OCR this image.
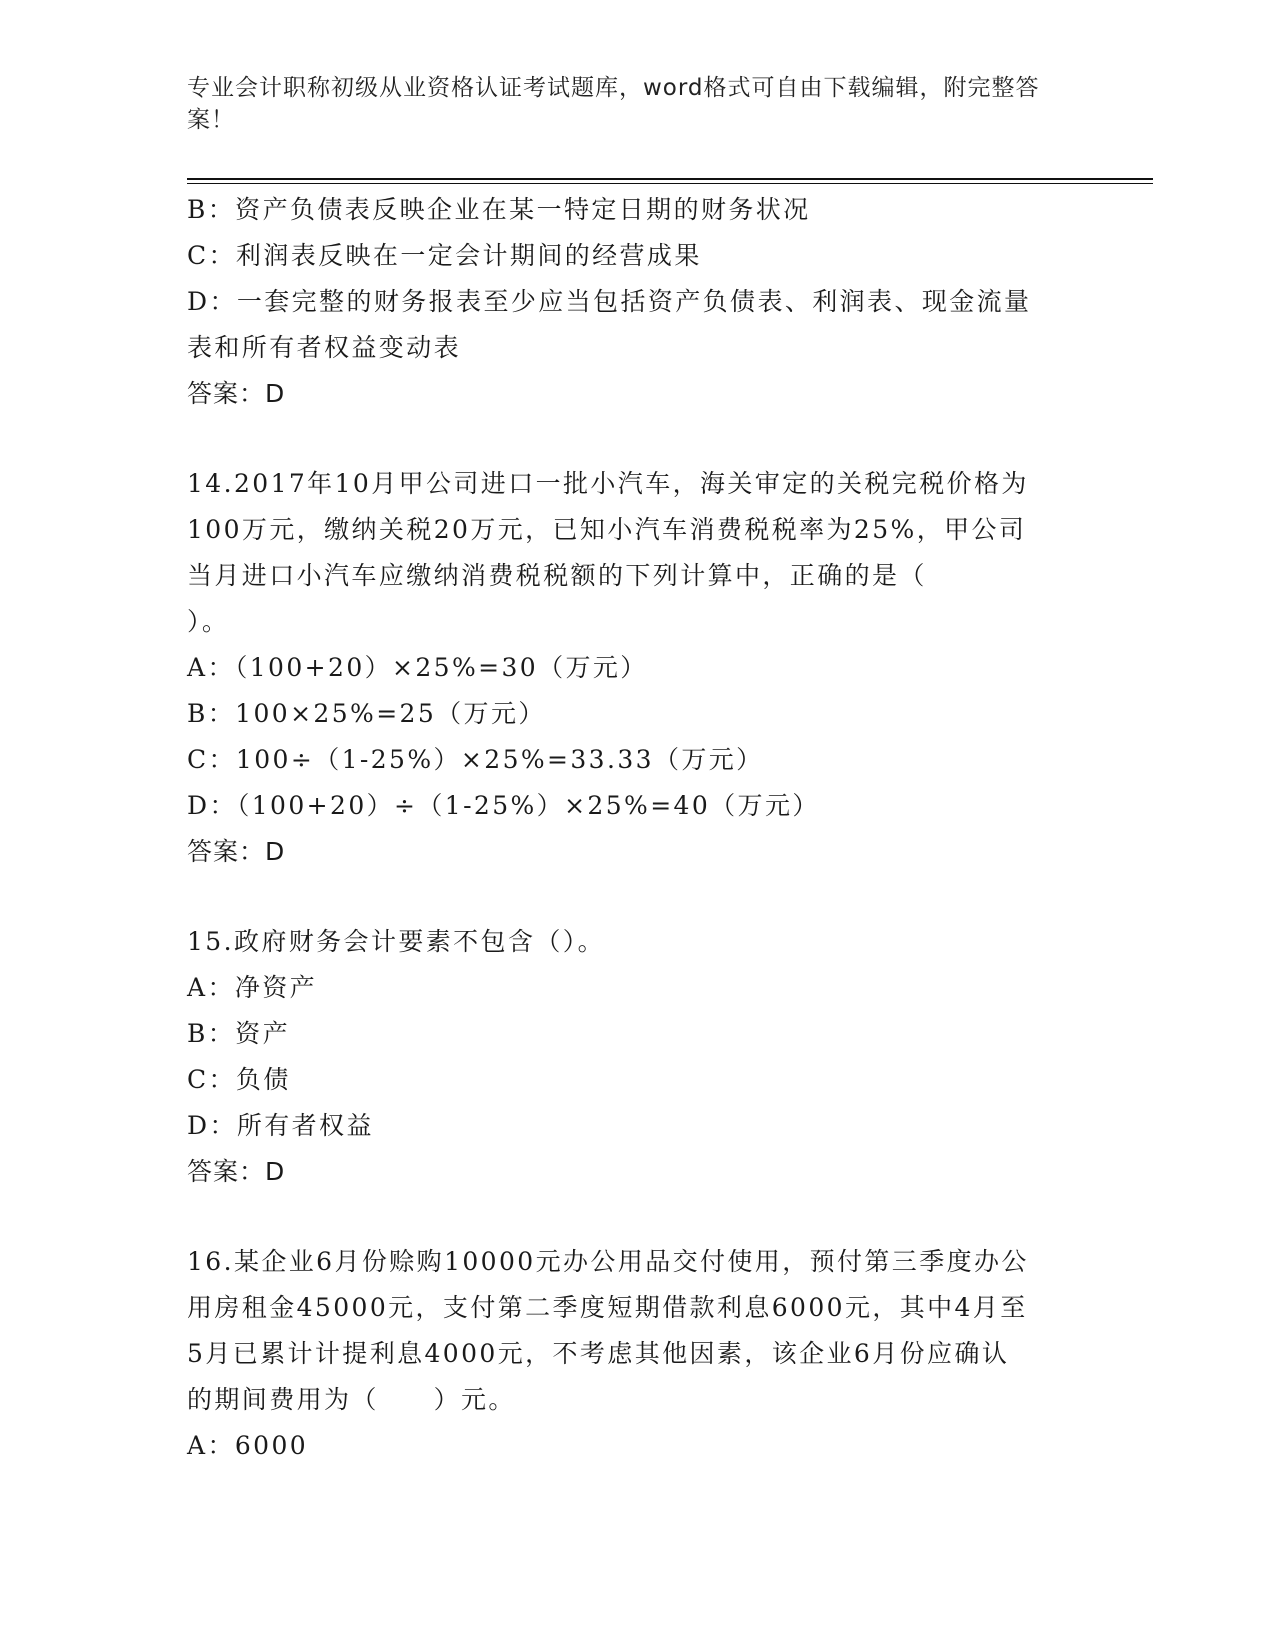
专业会计职称初级从业资格认证考试题库，word格式可自由下载编辑，附完整答
案！
B：资产负债表反映企业在某一特定日期的财务状况
C：利润表反映在一定会计期间的经营成果
D：一套完整的财务报表至少应当包括资产负债表、利润表、现金流量
表和所有者权益变动表
答案：D
14.2017年10月甲公司进口一批小汽车，海关审定的关税完税价格为
100万元，缴纳关税20万元，已知小汽车消费税税率为25%，甲公司
当月进口小汽车应缴纳消费税税额的下列计算中，正确的是（
）。
A：（100+20）×25%=30（万元）
B：100×25%=25（万元）
C：100÷（1-25%）×25%=33.33（万元）
D：（100+20）÷（1-25%）×25%=40（万元）
答案：D
15.政府财务会计要素不包含（）。
A：净资产
B：资产
C：负债
D：所有者权益
答案：D
16.某企业6月份赊购10000元办公用品交付使用，预付第三季度办公
用房租金45000元，支付第二季度短期借款利息6000元，其中4月至
5月已累计计提利息4000元，不考虑其他因素，该企业6月份应确认
的期间费用为（　　）元。
A：6000
